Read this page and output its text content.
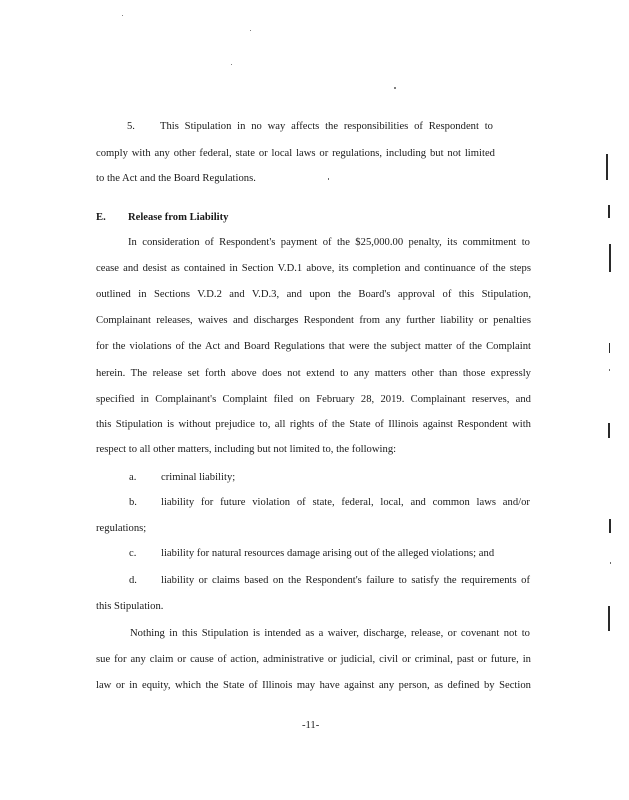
5. This Stipulation in no way affects the responsibilities of Respondent to
comply with any other federal, state or local laws or regulations, including but not limited
to the Act and the Board Regulations.
E. Release from Liability
In consideration of Respondent's payment of the $25,000.00 penalty, its commitment to
cease and desist as contained in Section V.D.1 above, its completion and continuance of the steps
outlined in Sections V.D.2 and V.D.3, and upon the Board's approval of this Stipulation,
Complainant releases, waives and discharges Respondent from any further liability or penalties
for the violations of the Act and Board Regulations that were the subject matter of the Complaint
herein. The release set forth above does not extend to any matters other than those expressly
specified in Complainant's Complaint filed on February 28, 2019. Complainant reserves, and
this Stipulation is without prejudice to, all rights of the State of Illinois against Respondent with
respect to all other matters, including but not limited to, the following:
a. criminal liability;
b. liability for future violation of state, federal, local, and common laws and/or
regulations;
c. liability for natural resources damage arising out of the alleged violations; and
d. liability or claims based on the Respondent's failure to satisfy the requirements of
this Stipulation.
Nothing in this Stipulation is intended as a waiver, discharge, release, or covenant not to
sue for any claim or cause of action, administrative or judicial, civil or criminal, past or future, in
law or in equity, which the State of Illinois may have against any person, as defined by Section
-11-
